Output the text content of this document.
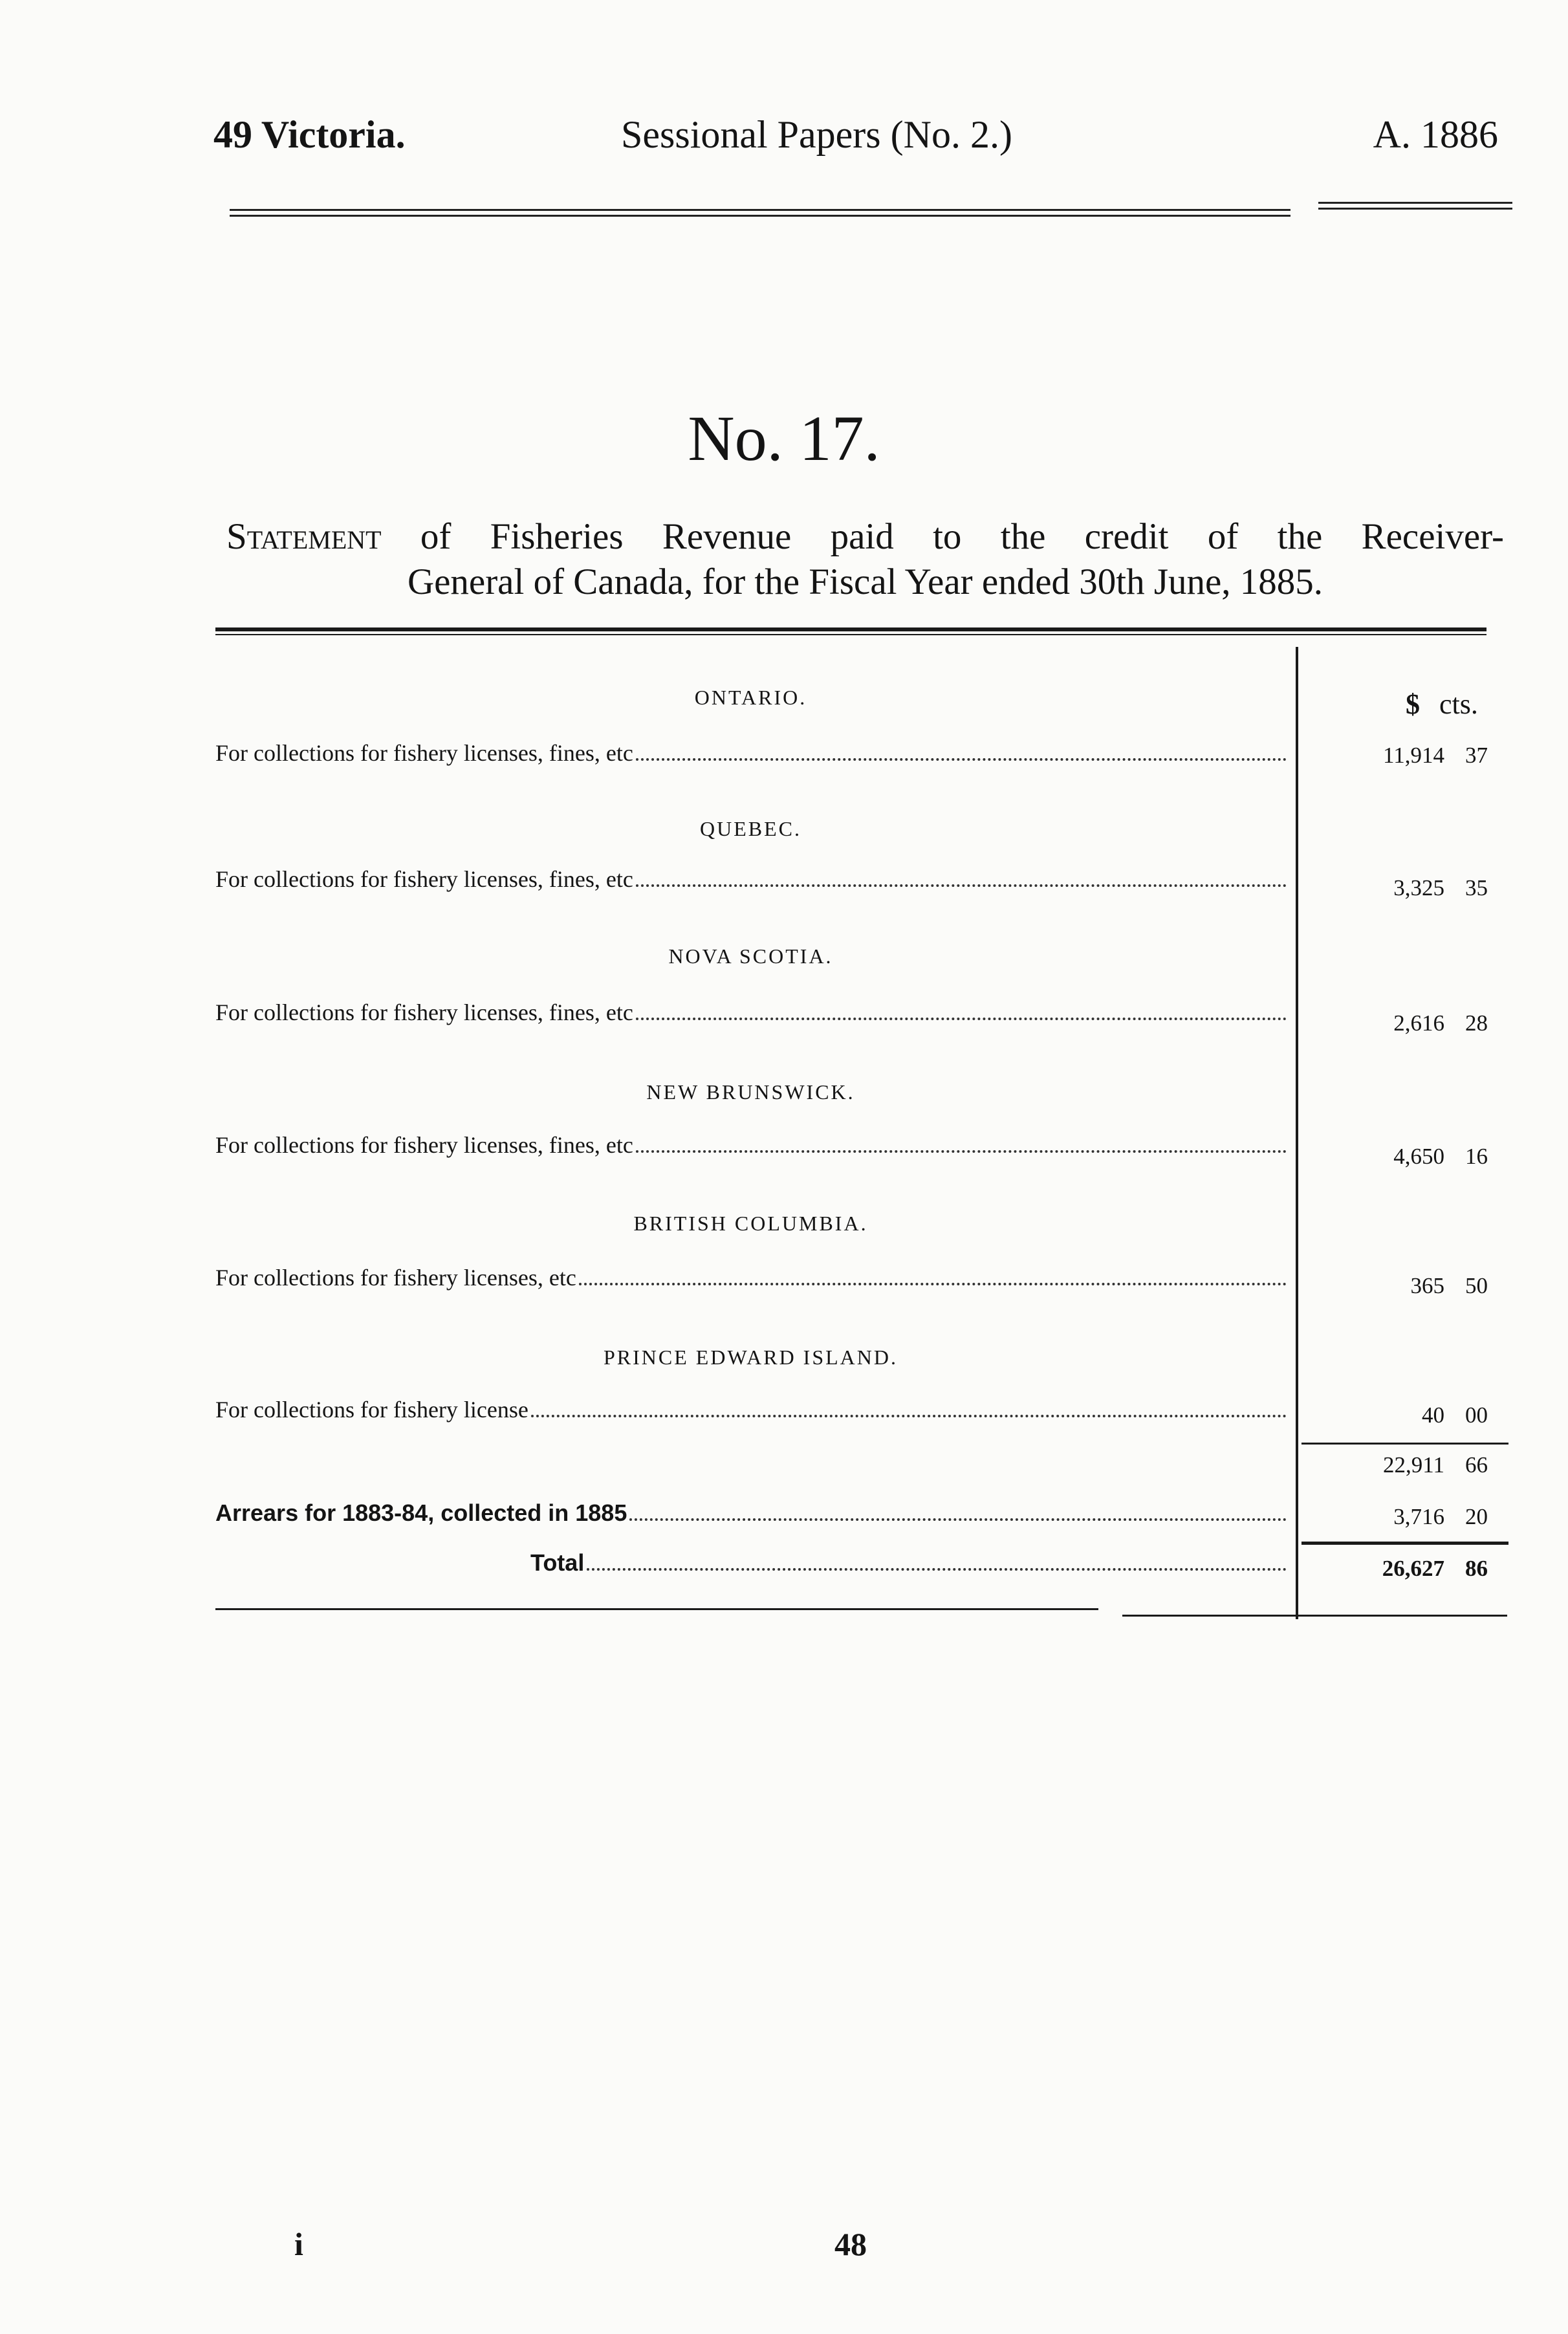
49 Victoria.	Sessional Papers (No. 2.)	A. 1886
No. 17.
Statement of Fisheries Revenue paid to the credit of the Receiver-
General of Canada, for the Fiscal Year ended 30th June, 1885.
$ cts.
ONTARIO.
For collections for fishery licenses, fines, etc	11,914 37
QUEBEC.
For collections for fishery licenses, fines, etc	3,325 35
NOVA SCOTIA.
For collections for fishery licenses, fines, etc	2,616 28
NEW BRUNSWICK.
For collections for fishery licenses, fines, etc	4,650 16
BRITISH COLUMBIA.
For collections for fishery licenses, etc	365 50
PRINCE EDWARD ISLAND.
For collections for fishery license	40 00
22,911 66
Arrears for 1883-84, collected in 1885	3,716 20
Total	26,627 86
i	48
